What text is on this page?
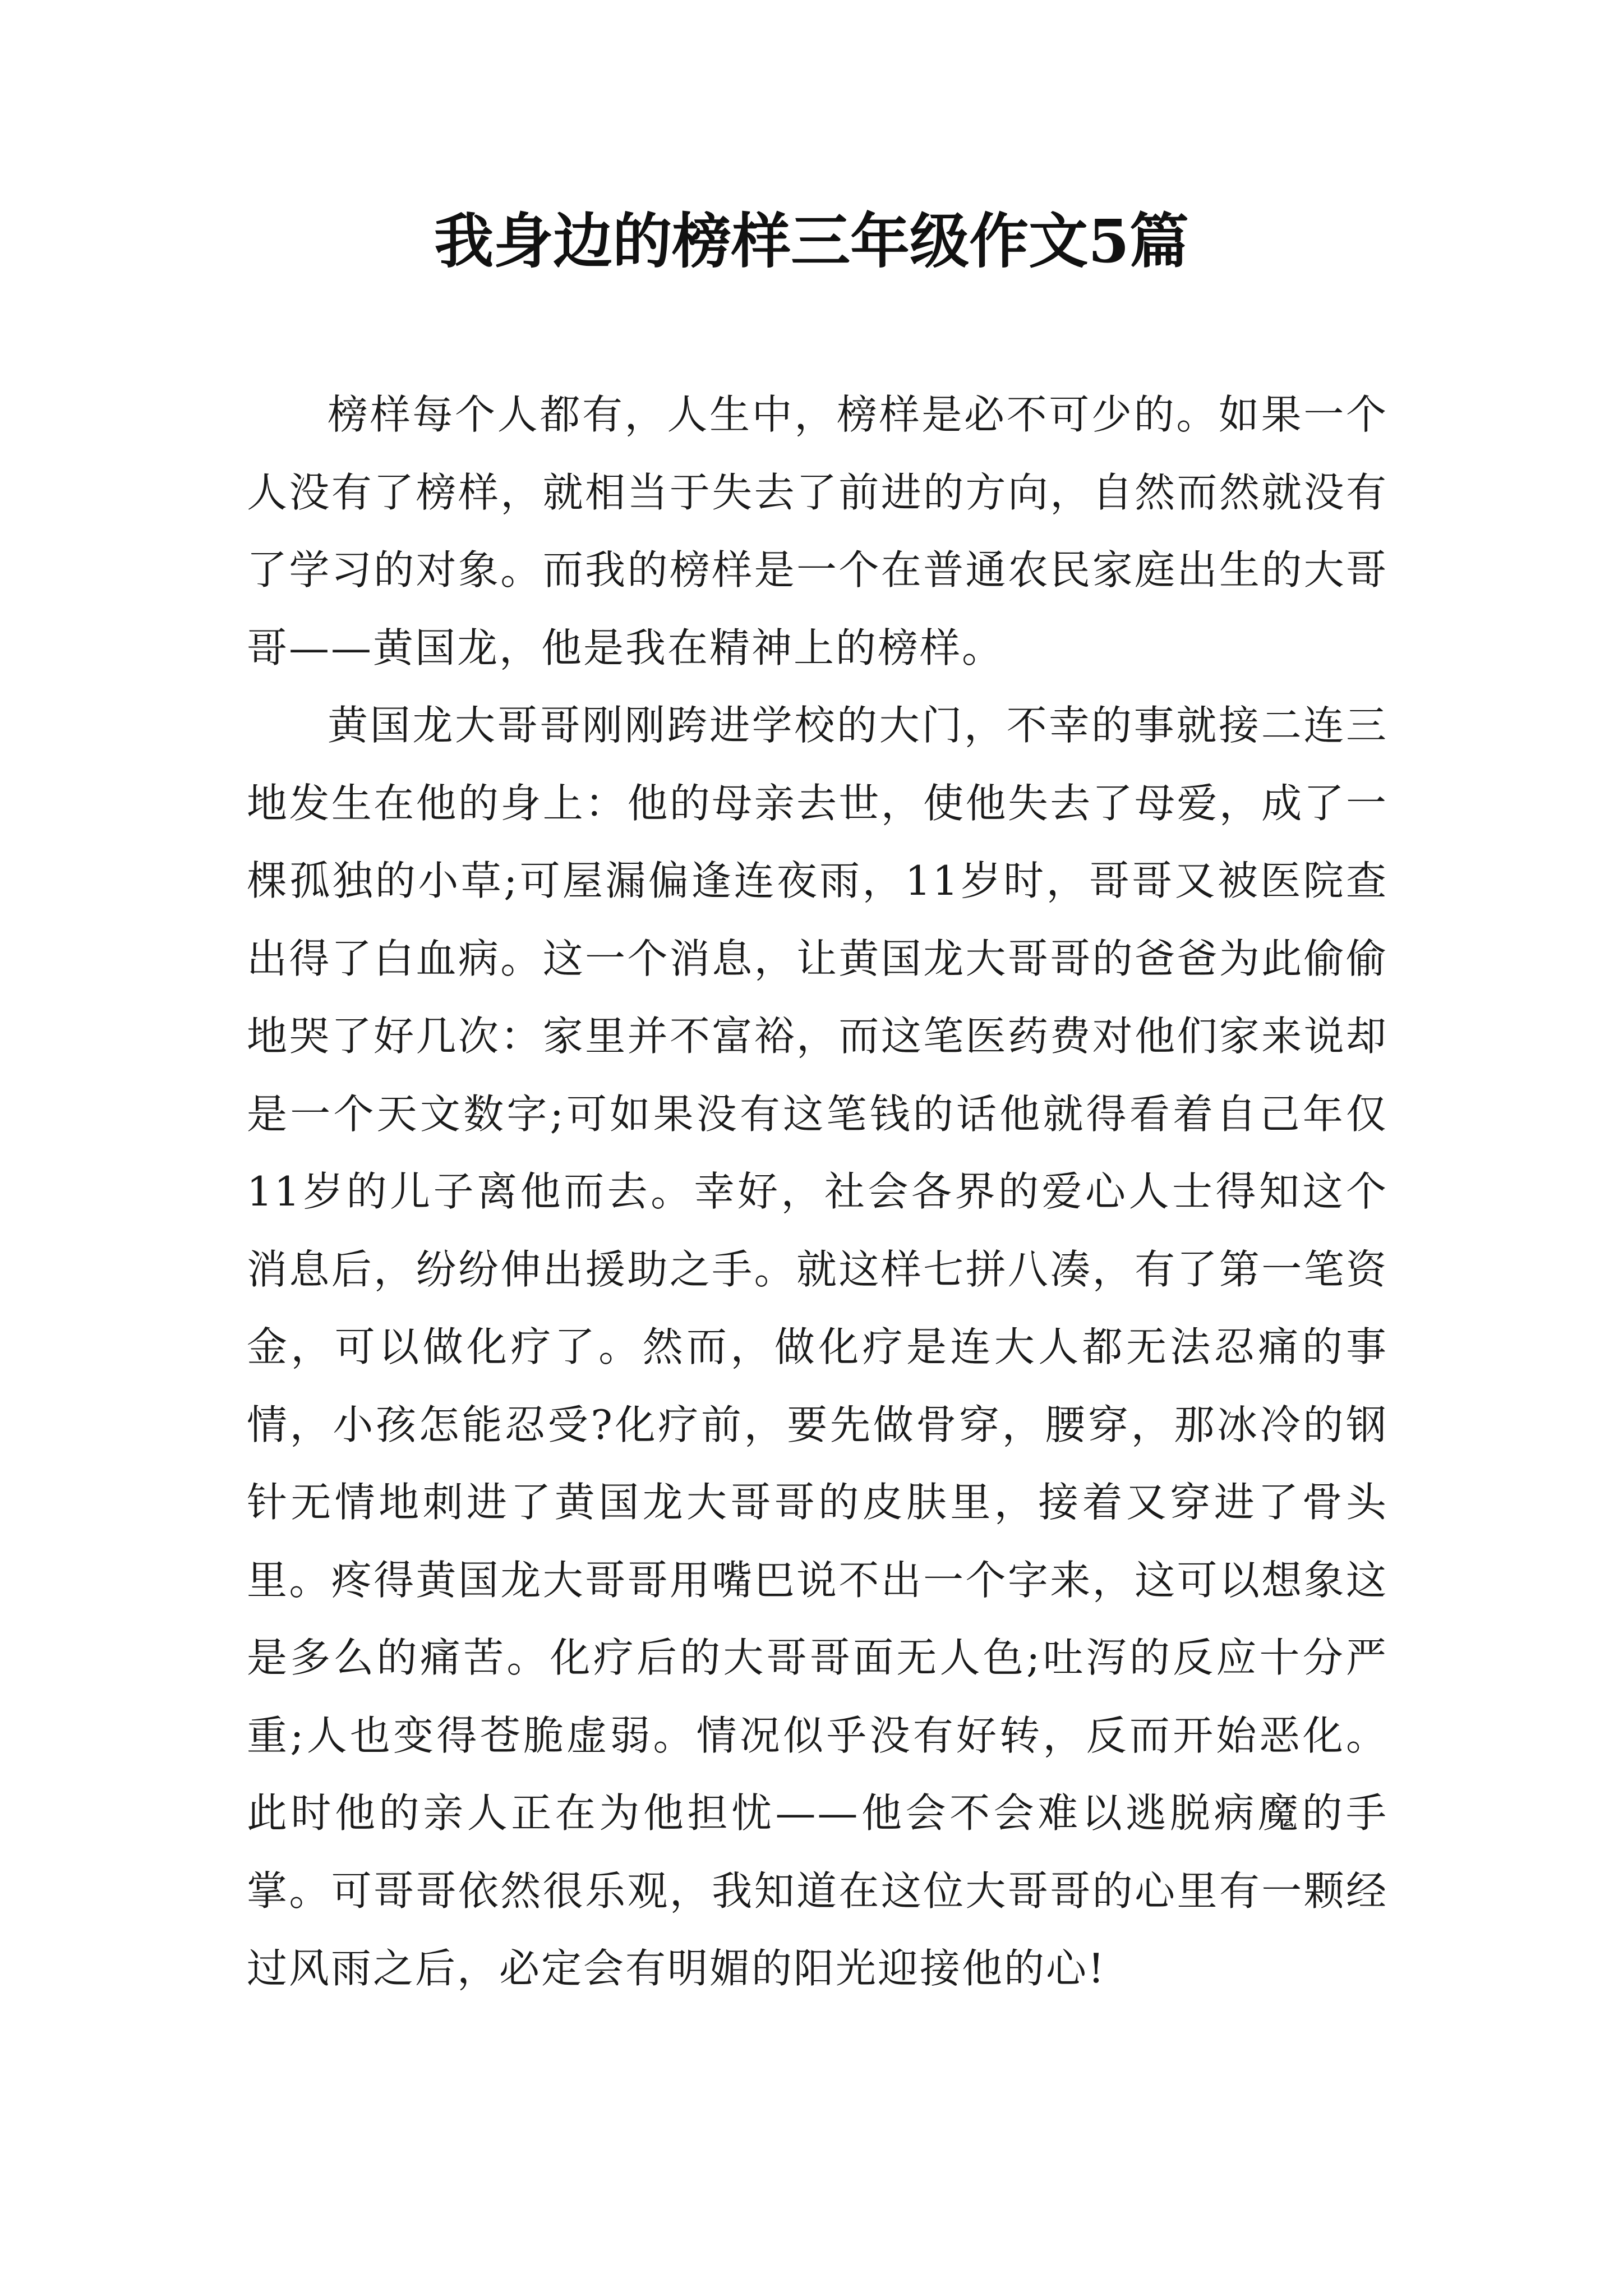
我身边的榜样三年级作文5篇

榜样每个人都有，人生中，榜样是必不可少的。如果一个人没有了榜样，就相当于失去了前进的方向，自然而然就没有了学习的对象。而我的榜样是一个在普通农民家庭出生的大哥哥——黄国龙，他是我在精神上的榜样。

黄国龙大哥哥刚刚跨进学校的大门，不幸的事就接二连三地发生在他的身上：他的母亲去世，使他失去了母爱，成了一棵孤独的小草;可屋漏偏逢连夜雨，11岁时，哥哥又被医院查出得了白血病。这一个消息，让黄国龙大哥哥的爸爸为此偷偷地哭了好几次：家里并不富裕，而这笔医药费对他们家来说却是一个天文数字;可如果没有这笔钱的话他就得看着自己年仅11岁的儿子离他而去。幸好，社会各界的爱心人士得知这个消息后，纷纷伸出援助之手。就这样七拼八凑，有了第一笔资金，可以做化疗了。然而，做化疗是连大人都无法忍痛的事情，小孩怎能忍受?化疗前，要先做骨穿，腰穿，那冰冷的钢针无情地刺进了黄国龙大哥哥的皮肤里，接着又穿进了骨头里。疼得黄国龙大哥哥用嘴巴说不出一个字来，这可以想象这是多么的痛苦。化疗后的大哥哥面无人色;吐泻的反应十分严重;人也变得苍脆虚弱。情况似乎没有好转，反而开始恶化。此时他的亲人正在为他担忧——他会不会难以逃脱病魔的手掌。可哥哥依然很乐观，我知道在这位大哥哥的心里有一颗经过风雨之后，必定会有明媚的阳光迎接他的心!
